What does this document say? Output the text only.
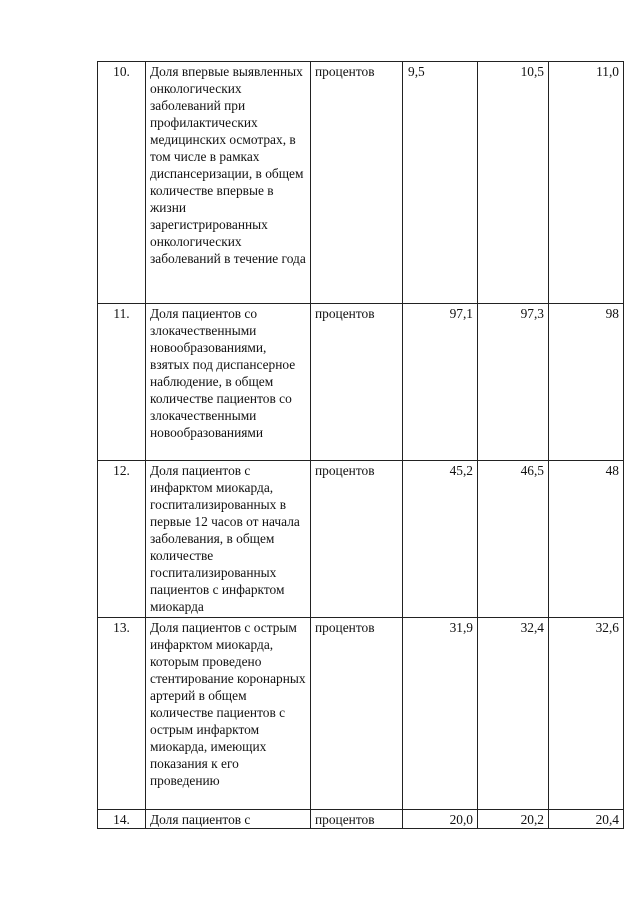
10.	Доля впервые выявленных онкологических заболеваний при профилактических медицинских осмотрах, в том числе в рамках диспансеризации, в общем количестве впервые в жизни зарегистрированных онкологических заболеваний в течение года	процентов	9,5	10,5	11,0
11.	Доля пациентов со злокачественными новообразованиями, взятых под диспансерное наблюдение, в общем количестве пациентов со злокачественными новообразованиями	процентов	97,1	97,3	98
12.	Доля пациентов с инфарктом миокарда, госпитализированных в первые 12 часов от начала заболевания, в общем количестве госпитализированных пациентов с инфарктом миокарда	процентов	45,2	46,5	48
13.	Доля пациентов с острым инфарктом миокарда, которым проведено стентирование коронарных артерий в общем количестве пациентов с острым инфарктом миокарда, имеющих показания к его проведению	процентов	31,9	32,4	32,6
14.	Доля пациентов с	процентов	20,0	20,2	20,4
